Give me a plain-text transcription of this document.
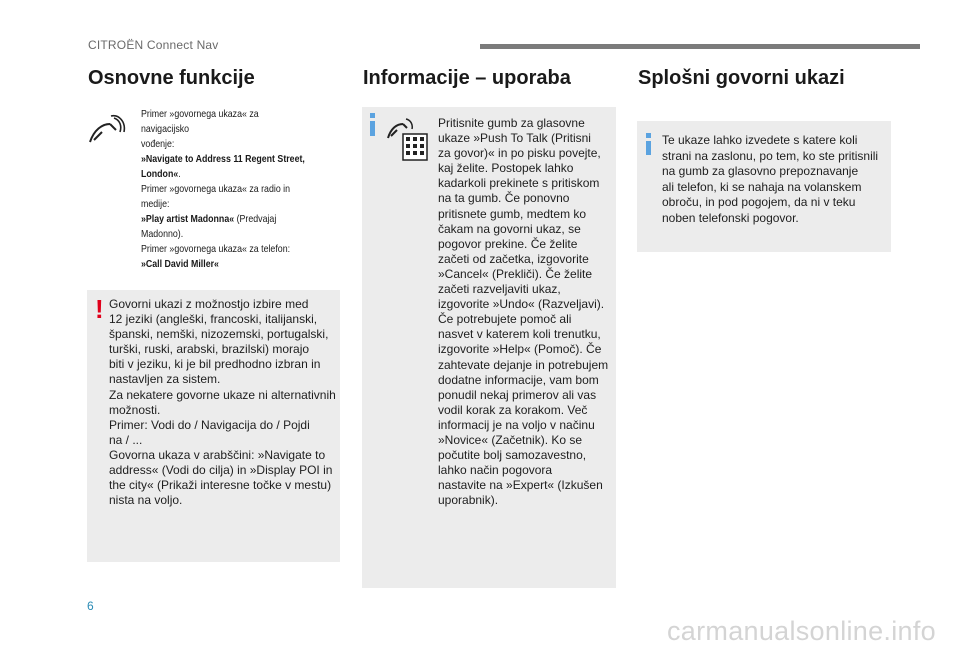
CITROËN Connect Nav
Osnovne funkcije
Primer »govornega ukaza« za navigacijsko
vođenje:
»Navigate to Address 11 Regent Street,
London«.
Primer »govornega ukaza« za radio in medije:
»Play artist Madonna« (Predvajaj Madonno).
Primer »govornega ukaza« za telefon:
»Call David Miller«
! Govorni ukazi z možnostjo izbire med

12 jeziki (angleški, francoski, italijanski,

španski, nemški, nizozemski, portugalski,

turški, ruski, arabski, brazilski) morajo

biti v jeziku, ki je bil predhodno izbran in

nastavljen za sistem.

Za nekatere govorne ukaze ni alternativnih

možnosti.

Primer: Vodi do / Navigacija do / Pojdi

na / ...

Govorna ukaza v arabščini: »Navigate to

address« (Vodi do cilja) in »Display POI in

the city« (Prikaži interesne točke v mestu)

nista na voljo.

Informacije – uporaba

Pritisnite gumb za glasovne

ukaze »Push To Talk (Pritisni

za govor)« in po pisku povejte,

kaj želite. Postopek lahko

kadarkoli prekinete s pritiskom

na ta gumb. Če ponovno

pritisnete gumb, medtem ko

čakam na govorni ukaz, se

pogovor prekine. Če želite

začeti od začetka, izgovorite

»Cancel« (Prekliči). Če želite

začeti razveljaviti ukaz,

izgovorite »Undo« (Razveljavi).

Če potrebujete pomoč ali

nasvet v katerem koli trenutku,

izgovorite »Help« (Pomoč). Če

zahtevate dejanje in potrebujem

dodatne informacije, vam bom

ponudil nekaj primerov ali vas

vodil korak za korakom. Več

informacij je na voljo v načinu

»Novice« (Začetnik). Ko se

počutite bolj samozavestno,

lahko način pogovora

nastavite na »Expert« (Izkušen

uporabnik).

Splošni govorni ukazi

Te ukaze lahko izvedete s katere koli

strani na zaslonu, po tem, ko ste pritisnili

na gumb za glasovno prepoznavanje

ali telefon, ki se nahaja na volanskem

obroču, in pod pogojem, da ni v teku

noben telefonski pogovor.

6
carmanualsonline.info
